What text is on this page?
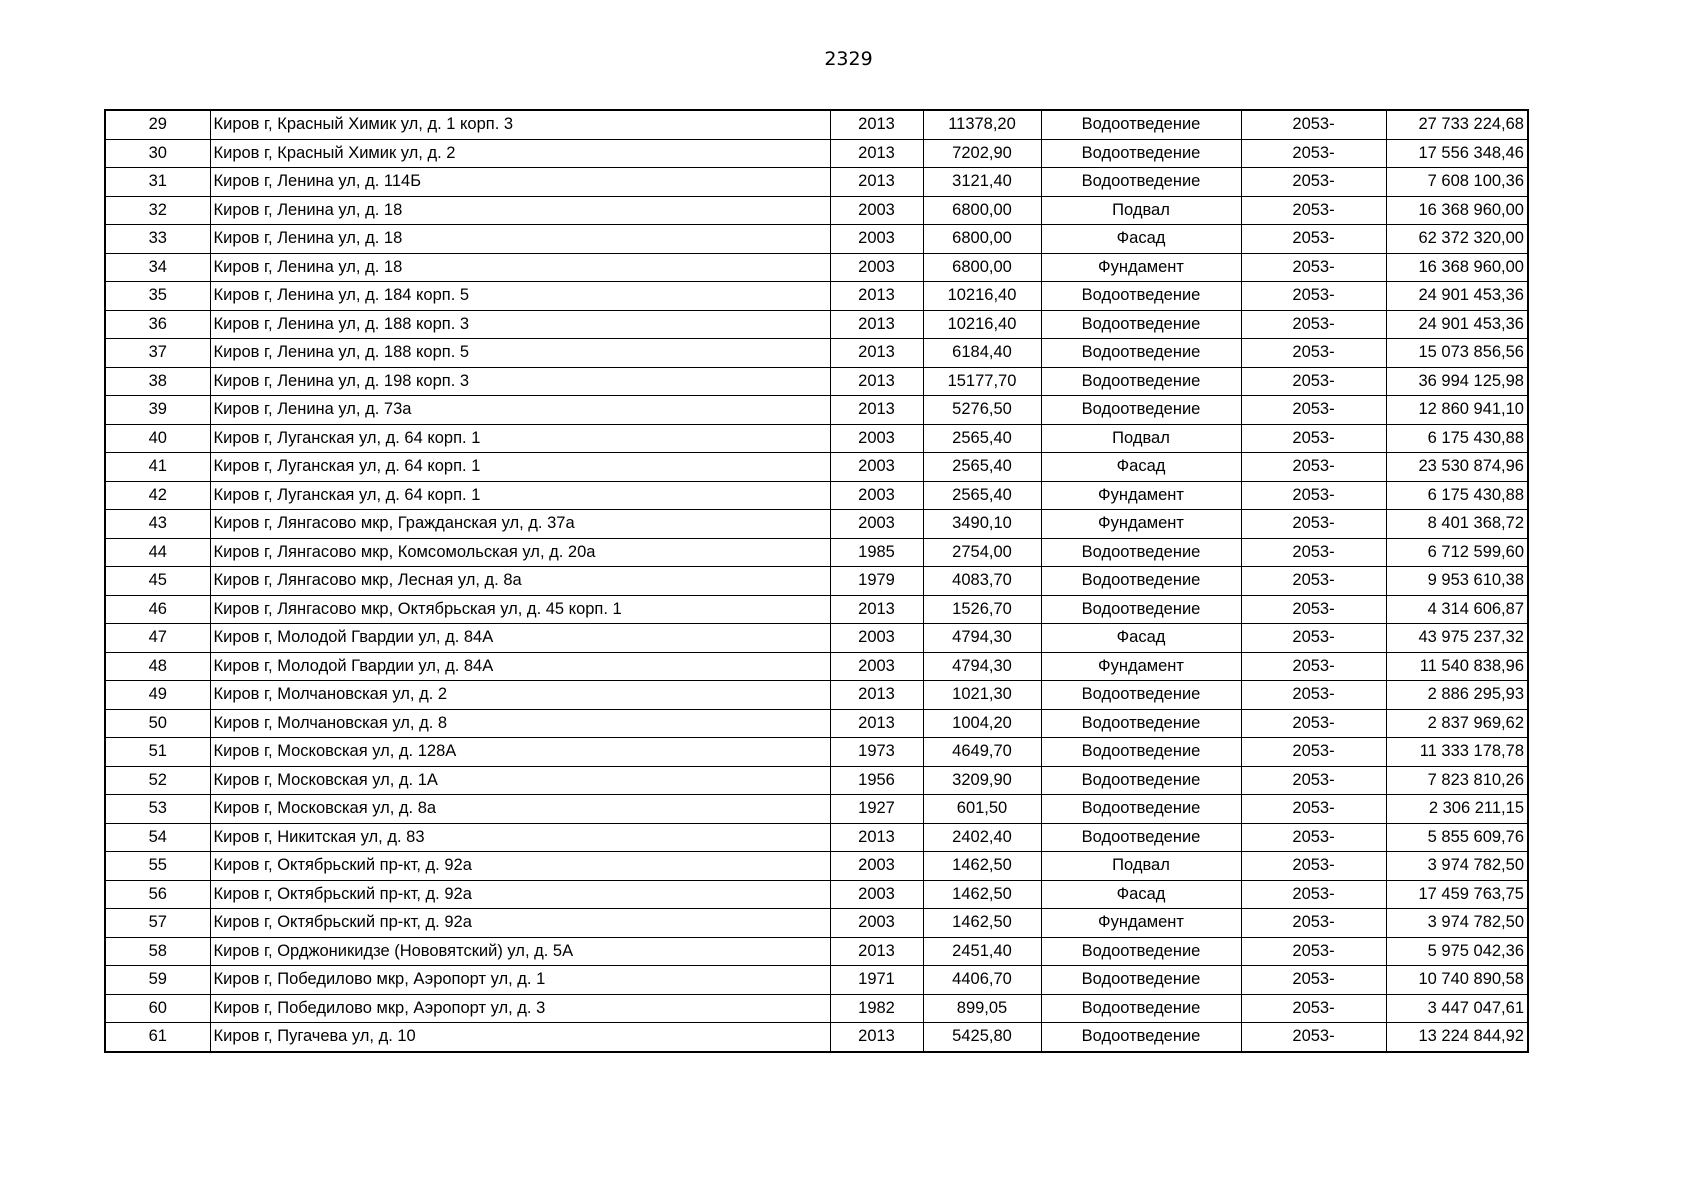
2329
29	Киров г, Красный Химик ул, д. 1 корп. 3	2013	11378,20	Водоотведение	2053-	27 733 224,68
30	Киров г, Красный Химик ул, д. 2	2013	7202,90	Водоотведение	2053-	17 556 348,46
31	Киров г, Ленина ул, д. 114Б	2013	3121,40	Водоотведение	2053-	7 608 100,36
32	Киров г, Ленина ул, д. 18	2003	6800,00	Подвал	2053-	16 368 960,00
33	Киров г, Ленина ул, д. 18	2003	6800,00	Фасад	2053-	62 372 320,00
34	Киров г, Ленина ул, д. 18	2003	6800,00	Фундамент	2053-	16 368 960,00
35	Киров г, Ленина ул, д. 184 корп. 5	2013	10216,40	Водоотведение	2053-	24 901 453,36
36	Киров г, Ленина ул, д. 188 корп. 3	2013	10216,40	Водоотведение	2053-	24 901 453,36
37	Киров г, Ленина ул, д. 188 корп. 5	2013	6184,40	Водоотведение	2053-	15 073 856,56
38	Киров г, Ленина ул, д. 198 корп. 3	2013	15177,70	Водоотведение	2053-	36 994 125,98
39	Киров г, Ленина ул, д. 73а	2013	5276,50	Водоотведение	2053-	12 860 941,10
40	Киров г, Луганская ул, д. 64 корп. 1	2003	2565,40	Подвал	2053-	6 175 430,88
41	Киров г, Луганская ул, д. 64 корп. 1	2003	2565,40	Фасад	2053-	23 530 874,96
42	Киров г, Луганская ул, д. 64 корп. 1	2003	2565,40	Фундамент	2053-	6 175 430,88
43	Киров г, Лянгасово мкр, Гражданская ул, д. 37а	2003	3490,10	Фундамент	2053-	8 401 368,72
44	Киров г, Лянгасово мкр, Комсомольская ул, д. 20а	1985	2754,00	Водоотведение	2053-	6 712 599,60
45	Киров г, Лянгасово мкр, Лесная ул, д. 8а	1979	4083,70	Водоотведение	2053-	9 953 610,38
46	Киров г, Лянгасово мкр, Октябрьская ул, д. 45 корп. 1	2013	1526,70	Водоотведение	2053-	4 314 606,87
47	Киров г, Молодой Гвардии ул, д. 84А	2003	4794,30	Фасад	2053-	43 975 237,32
48	Киров г, Молодой Гвардии ул, д. 84А	2003	4794,30	Фундамент	2053-	11 540 838,96
49	Киров г, Молчановская ул, д. 2	2013	1021,30	Водоотведение	2053-	2 886 295,93
50	Киров г, Молчановская ул, д. 8	2013	1004,20	Водоотведение	2053-	2 837 969,62
51	Киров г, Московская ул, д. 128А	1973	4649,70	Водоотведение	2053-	11 333 178,78
52	Киров г, Московская ул, д. 1А	1956	3209,90	Водоотведение	2053-	7 823 810,26
53	Киров г, Московская ул, д. 8а	1927	601,50	Водоотведение	2053-	2 306 211,15
54	Киров г, Никитская ул, д. 83	2013	2402,40	Водоотведение	2053-	5 855 609,76
55	Киров г, Октябрьский пр-кт, д. 92а	2003	1462,50	Подвал	2053-	3 974 782,50
56	Киров г, Октябрьский пр-кт, д. 92а	2003	1462,50	Фасад	2053-	17 459 763,75
57	Киров г, Октябрьский пр-кт, д. 92а	2003	1462,50	Фундамент	2053-	3 974 782,50
58	Киров г, Орджоникидзе (Нововятский) ул, д. 5А	2013	2451,40	Водоотведение	2053-	5 975 042,36
59	Киров г, Победилово мкр, Аэропорт ул, д. 1	1971	4406,70	Водоотведение	2053-	10 740 890,58
60	Киров г, Победилово мкр, Аэропорт ул, д. 3	1982	899,05	Водоотведение	2053-	3 447 047,61
61	Киров г, Пугачева ул, д. 10	2013	5425,80	Водоотведение	2053-	13 224 844,92
